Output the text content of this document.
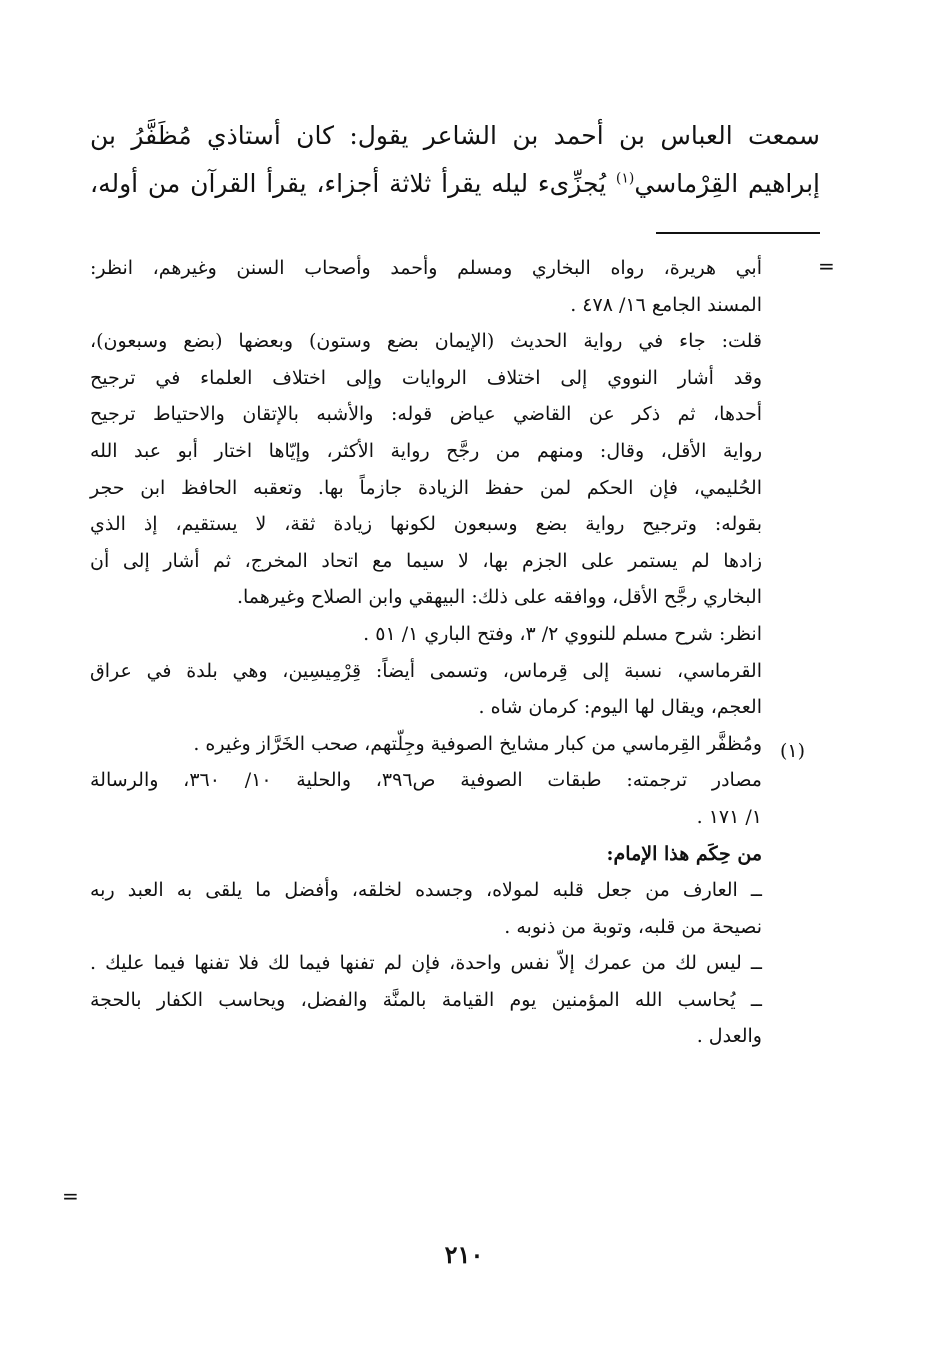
سمعت العباس بن أحمد بن الشاعر يقول: كان أستاذي مُظَفَّرُ بن
إبراهيم القِرْماسي$^{(١)}$ يُجزِّىء ليله يقرأ ثلاثة أجزاء، يقرأ القرآن من أوله،
=
(١)
أبي هريرة، رواه البخاري ومسلم وأحمد وأصحاب السنن وغيرهم، انظر:
المسند الجامع ١٦/ ٤٧٨ .
قلت: جاء في رواية الحديث (الإيمان بضع وستون) وبعضها (بضع وسبعون)،
وقد أشار النووي إلى اختلاف الروايات وإلى اختلاف العلماء في ترجيح
أحدها، ثم ذكر عن القاضي عياض قوله: والأشبه بالإتقان والاحتياط ترجيح
رواية الأقل، وقال: ومنهم من رجَّح رواية الأكثر، وإيّاها اختار أبو عبد الله
الحُليمي، فإن الحكم لمن حفظ الزيادة جازماً بها. وتعقبه الحافظ ابن حجر
بقوله: وترجيح رواية بضع وسبعون لكونها زيادة ثقة، لا يستقيم، إذ الذي
زادها لم يستمر على الجزم بها، لا سيما مع اتحاد المخرج، ثم أشار إلى أن
البخاري رجَّح الأقل، ووافقه على ذلك: البيهقي وابن الصلاح وغيرهما.
انظر: شرح مسلم للنووي ٢/ ٣، وفتح الباري ١/ ٥١ .
القرماسي، نسبة إلى قِرماس، وتسمى أيضاً: قِرْمِيسِين، وهي بلدة في عراق
العجم، ويقال لها اليوم: كرمان شاه .
ومُظفَّر القِرماسي من كبار مشايخ الصوفية وجِلّتهم، صحب الخَرَّاز وغيره .
مصادر ترجمته: طبقات الصوفية ص٣٩٦، والحلية ١٠/ ٣٦٠، والرسالة
١/ ١٧١ .
من حِكَم هذا الإمام:
ــ العارف من جعل قلبه لمولاه، وجسده لخلقه، وأفضل ما يلقى به العبد ربه
نصيحة من قلبه، وتوبة من ذنوبه .
ــ ليس لك من عمرك إلاّ نفس واحدة، فإن لم تفنها فيما لك فلا تفنها فيما عليك .
ــ يُحاسب الله المؤمنين يوم القيامة بالمنَّة والفضل، ويحاسب الكفار بالحجة
والعدل .
=
٢١٠
